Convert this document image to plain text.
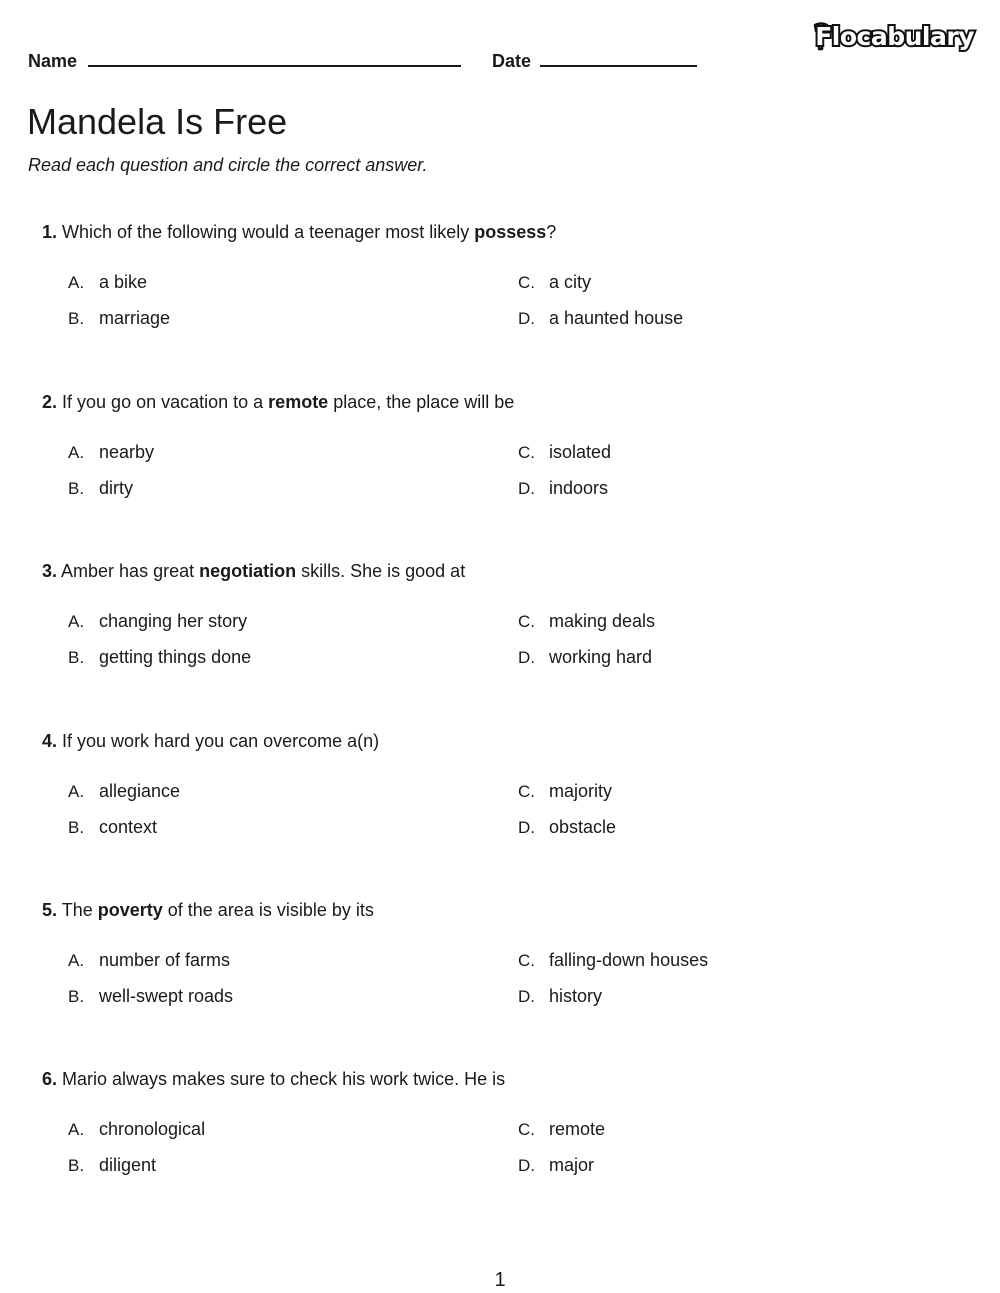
Name	Date
Flocabulary
Mandela Is Free

Read each question and circle the correct answer.

1. Which of the following would a teenager most likely possess?
A. a bike
B. marriage
C. a city
D. a haunted house
2. If you go on vacation to a remote place, the place will be
A. nearby
B. dirty
C. isolated
D. indoors
3. Amber has great negotiation skills. She is good at
A. changing her story
B. getting things done
C. making deals
D. working hard
4. If you work hard you can overcome a(n)
A. allegiance
B. context
C. majority
D. obstacle
5. The poverty of the area is visible by its
A. number of farms
B. well-swept roads
C. falling-down houses
D. history
6. Mario always makes sure to check his work twice. He is
A. chronological
B. diligent
C. remote
D. major
1
